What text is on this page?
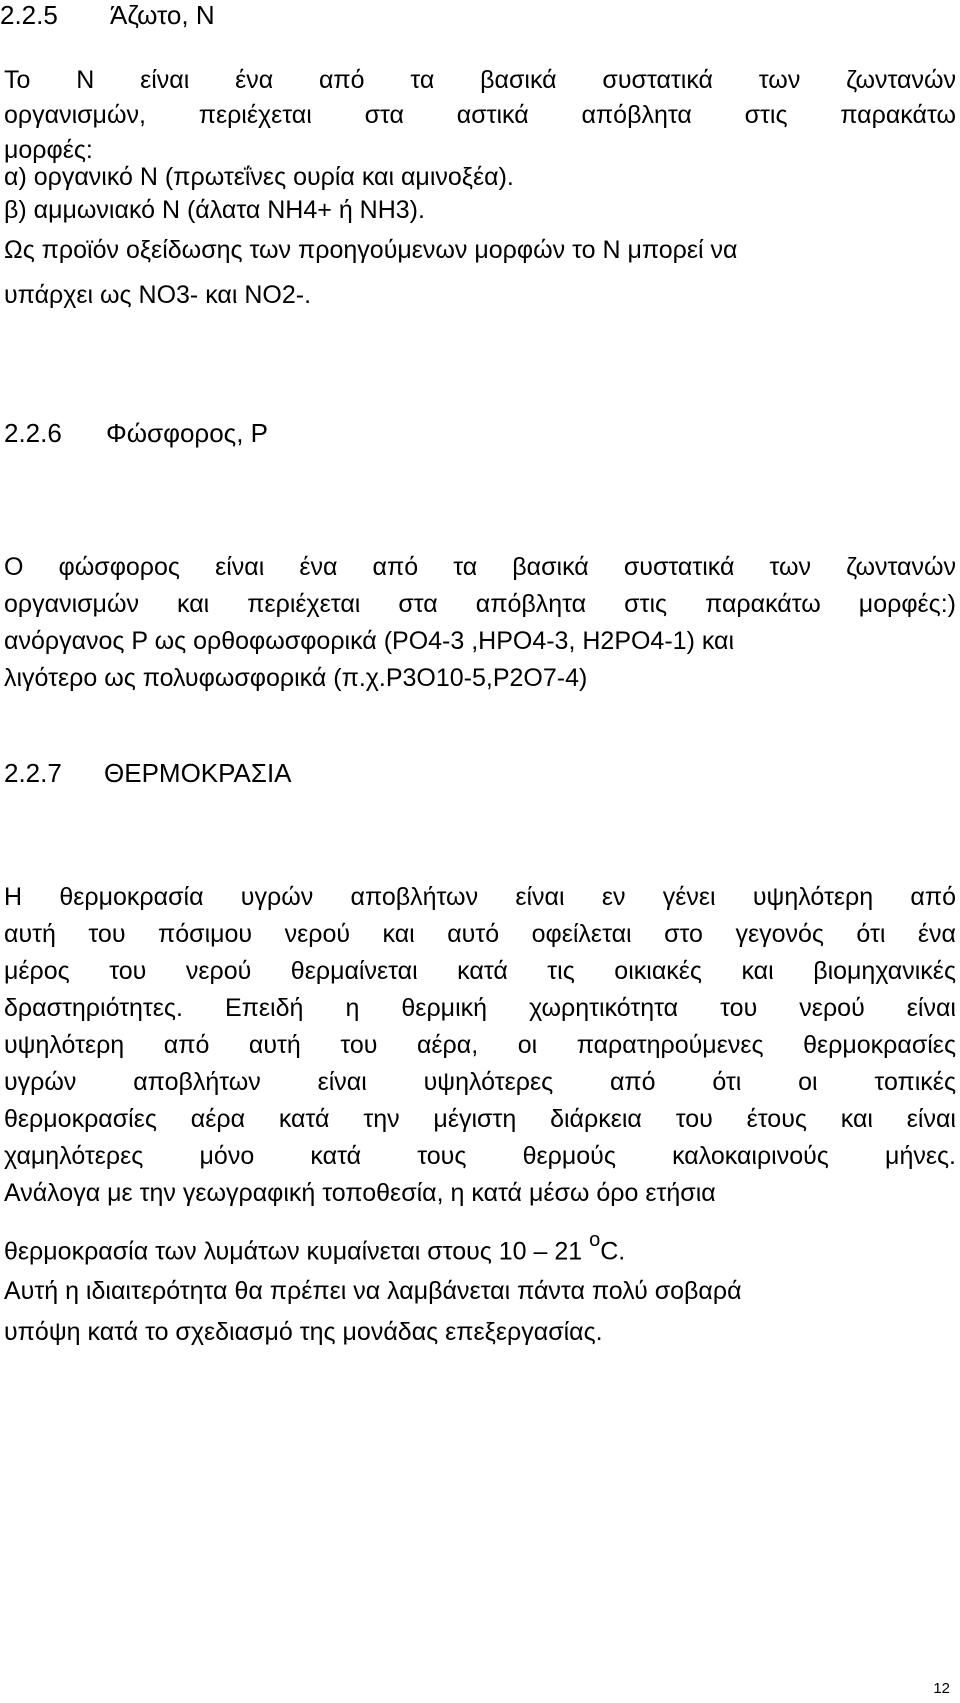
2.2.5 Άζωτο, Ν
Το Ν είναι ένα από τα βασικά συστατικά των ζωντανών
οργανισμών, περιέχεται στα αστικά απόβλητα στις παρακάτω
μορφές:
α) οργανικό Ν (πρωτεΐνες ουρία και αμινοξέα).
β) αμμωνιακό Ν (άλατα ΝΗ4+ ή ΝΗ3).
Ως προϊόν οξείδωσης των προηγούμενων μορφών το Ν μπορεί να
υπάρχει ως ΝΟ3- και ΝΟ2-.
2.2.6 Φώσφορος, Ρ
Ο φώσφορος είναι ένα από τα βασικά συστατικά των ζωντανών
οργανισμών και περιέχεται στα απόβλητα στις παρακάτω μορφές:)
ανόργανος Ρ ως ορθοφωσφορικά (ΡΟ4-3 ,ΗΡΟ4-3, Η2ΡΟ4-1) και
λιγότερο ως πολυφωσφορικά (π.χ.Ρ3Ο10-5,Ρ2Ο7-4)
2.2.7 ΘΕΡΜΟΚΡΑΣΙΑ
Η θερμοκρασία υγρών αποβλήτων είναι εν γένει υψηλότερη από
αυτή του πόσιμου νερού και αυτό οφείλεται στο γεγονός ότι ένα
μέρος του νερού θερμαίνεται κατά τις οικιακές και βιομηχανικές
δραστηριότητες. Επειδή η θερμική χωρητικότητα του νερού είναι
υψηλότερη από αυτή του αέρα, οι παρατηρούμενες θερμοκρασίες
υγρών αποβλήτων είναι υψηλότερες από ότι οι τοπικές
θερμοκρασίες αέρα κατά την μέγιστη διάρκεια του έτους και είναι
χαμηλότερες μόνο κατά τους θερμούς καλοκαιρινούς μήνες.
Ανάλογα με την γεωγραφική τοποθεσία, η κατά μέσω όρο ετήσια
θερμοκρασία των λυμάτων κυμαίνεται στους 10 – 21 $^o$C.
Αυτή η ιδιαιτερότητα θα πρέπει να λαμβάνεται πάντα πολύ σοβαρά
υπόψη κατά το σχεδιασμό της μονάδας επεξεργασίας.
12
